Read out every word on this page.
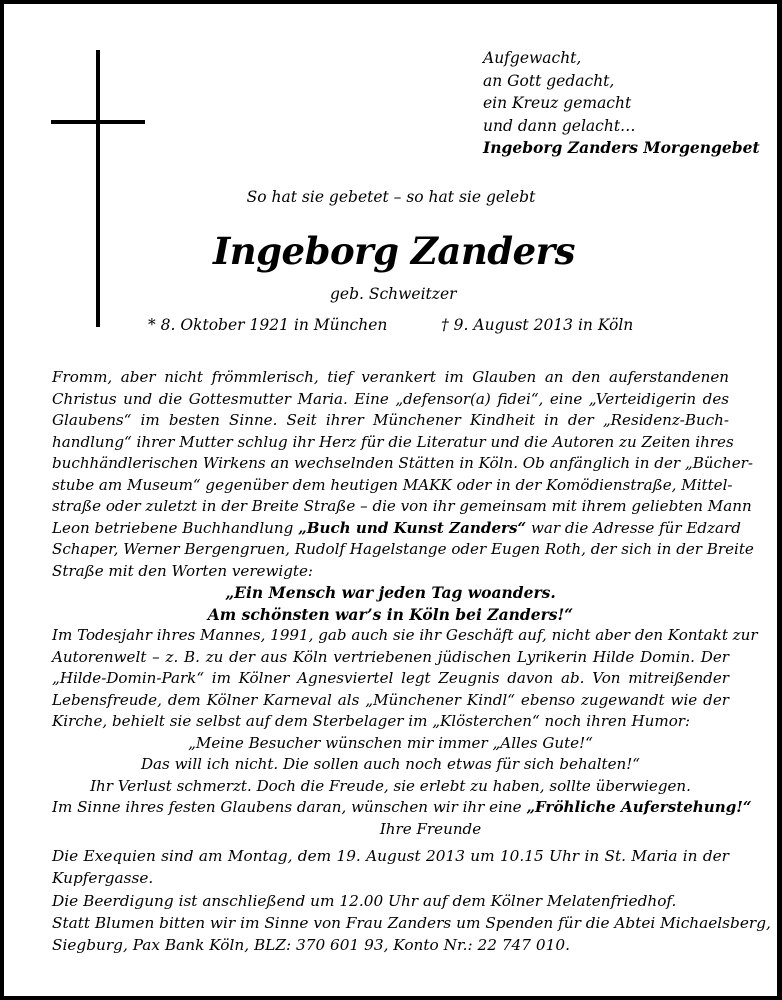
Aufgewacht,
an Gott gedacht,
ein Kreuz gemacht
und dann gelacht…
Ingeborg Zanders Morgengebet
So hat sie gebetet – so hat sie gelebt
Ingeborg Zanders
geb. Schweitzer
* 8. Oktober 1921 in München	† 9. August 2013 in Köln
Fromm, aber nicht frömmlerisch, tief verankert im Glauben an den auferstandenen
Christus und die Gottesmutter Maria. Eine „defensor(a) fidei“, eine „Verteidigerin des
Glaubens“ im besten Sinne. Seit ihrer Münchener Kindheit in der „Residenz-Buch-
handlung“ ihrer Mutter schlug ihr Herz für die Literatur und die Autoren zu Zeiten ihres
buchhändlerischen Wirkens an wechselnden Stätten in Köln. Ob anfänglich in der „Bücher-
stube am Museum“ gegenüber dem heutigen MAKK oder in der Komödienstraße, Mittel-
straße oder zuletzt in der Breite Straße – die von ihr gemeinsam mit ihrem geliebten Mann
Leon betriebene Buchhandlung „Buch und Kunst Zanders“ war die Adresse für Edzard
Schaper, Werner Bergengruen, Rudolf Hagelstange oder Eugen Roth, der sich in der Breite
Straße mit den Worten verewigte:
„Ein Mensch war jeden Tag woanders.
Am schönsten war’s in Köln bei Zanders!“
Im Todesjahr ihres Mannes, 1991, gab auch sie ihr Geschäft auf, nicht aber den Kontakt zur
Autorenwelt – z. B. zu der aus Köln vertriebenen jüdischen Lyrikerin Hilde Domin. Der
„Hilde-Domin-Park“ im Kölner Agnesviertel legt Zeugnis davon ab. Von mitreißender
Lebensfreude, dem Kölner Karneval als „Münchener Kindl“ ebenso zugewandt wie der
Kirche, behielt sie selbst auf dem Sterbelager im „Klösterchen“ noch ihren Humor:
„Meine Besucher wünschen mir immer „Alles Gute!“
Das will ich nicht. Die sollen auch noch etwas für sich behalten!“
Ihr Verlust schmerzt. Doch die Freude, sie erlebt zu haben, sollte überwiegen.
Im Sinne ihres festen Glaubens daran, wünschen wir ihr eine „Fröhliche Auferstehung!“
Ihre Freunde
Die Exequien sind am Montag, dem 19. August 2013 um 10.15 Uhr in St. Maria in der
Kupfergasse.
Die Beerdigung ist anschließend um 12.00 Uhr auf dem Kölner Melatenfriedhof.
Statt Blumen bitten wir im Sinne von Frau Zanders um Spenden für die Abtei Michaelsberg,
Siegburg, Pax Bank Köln, BLZ: 370 601 93, Konto Nr.: 22 747 010.
